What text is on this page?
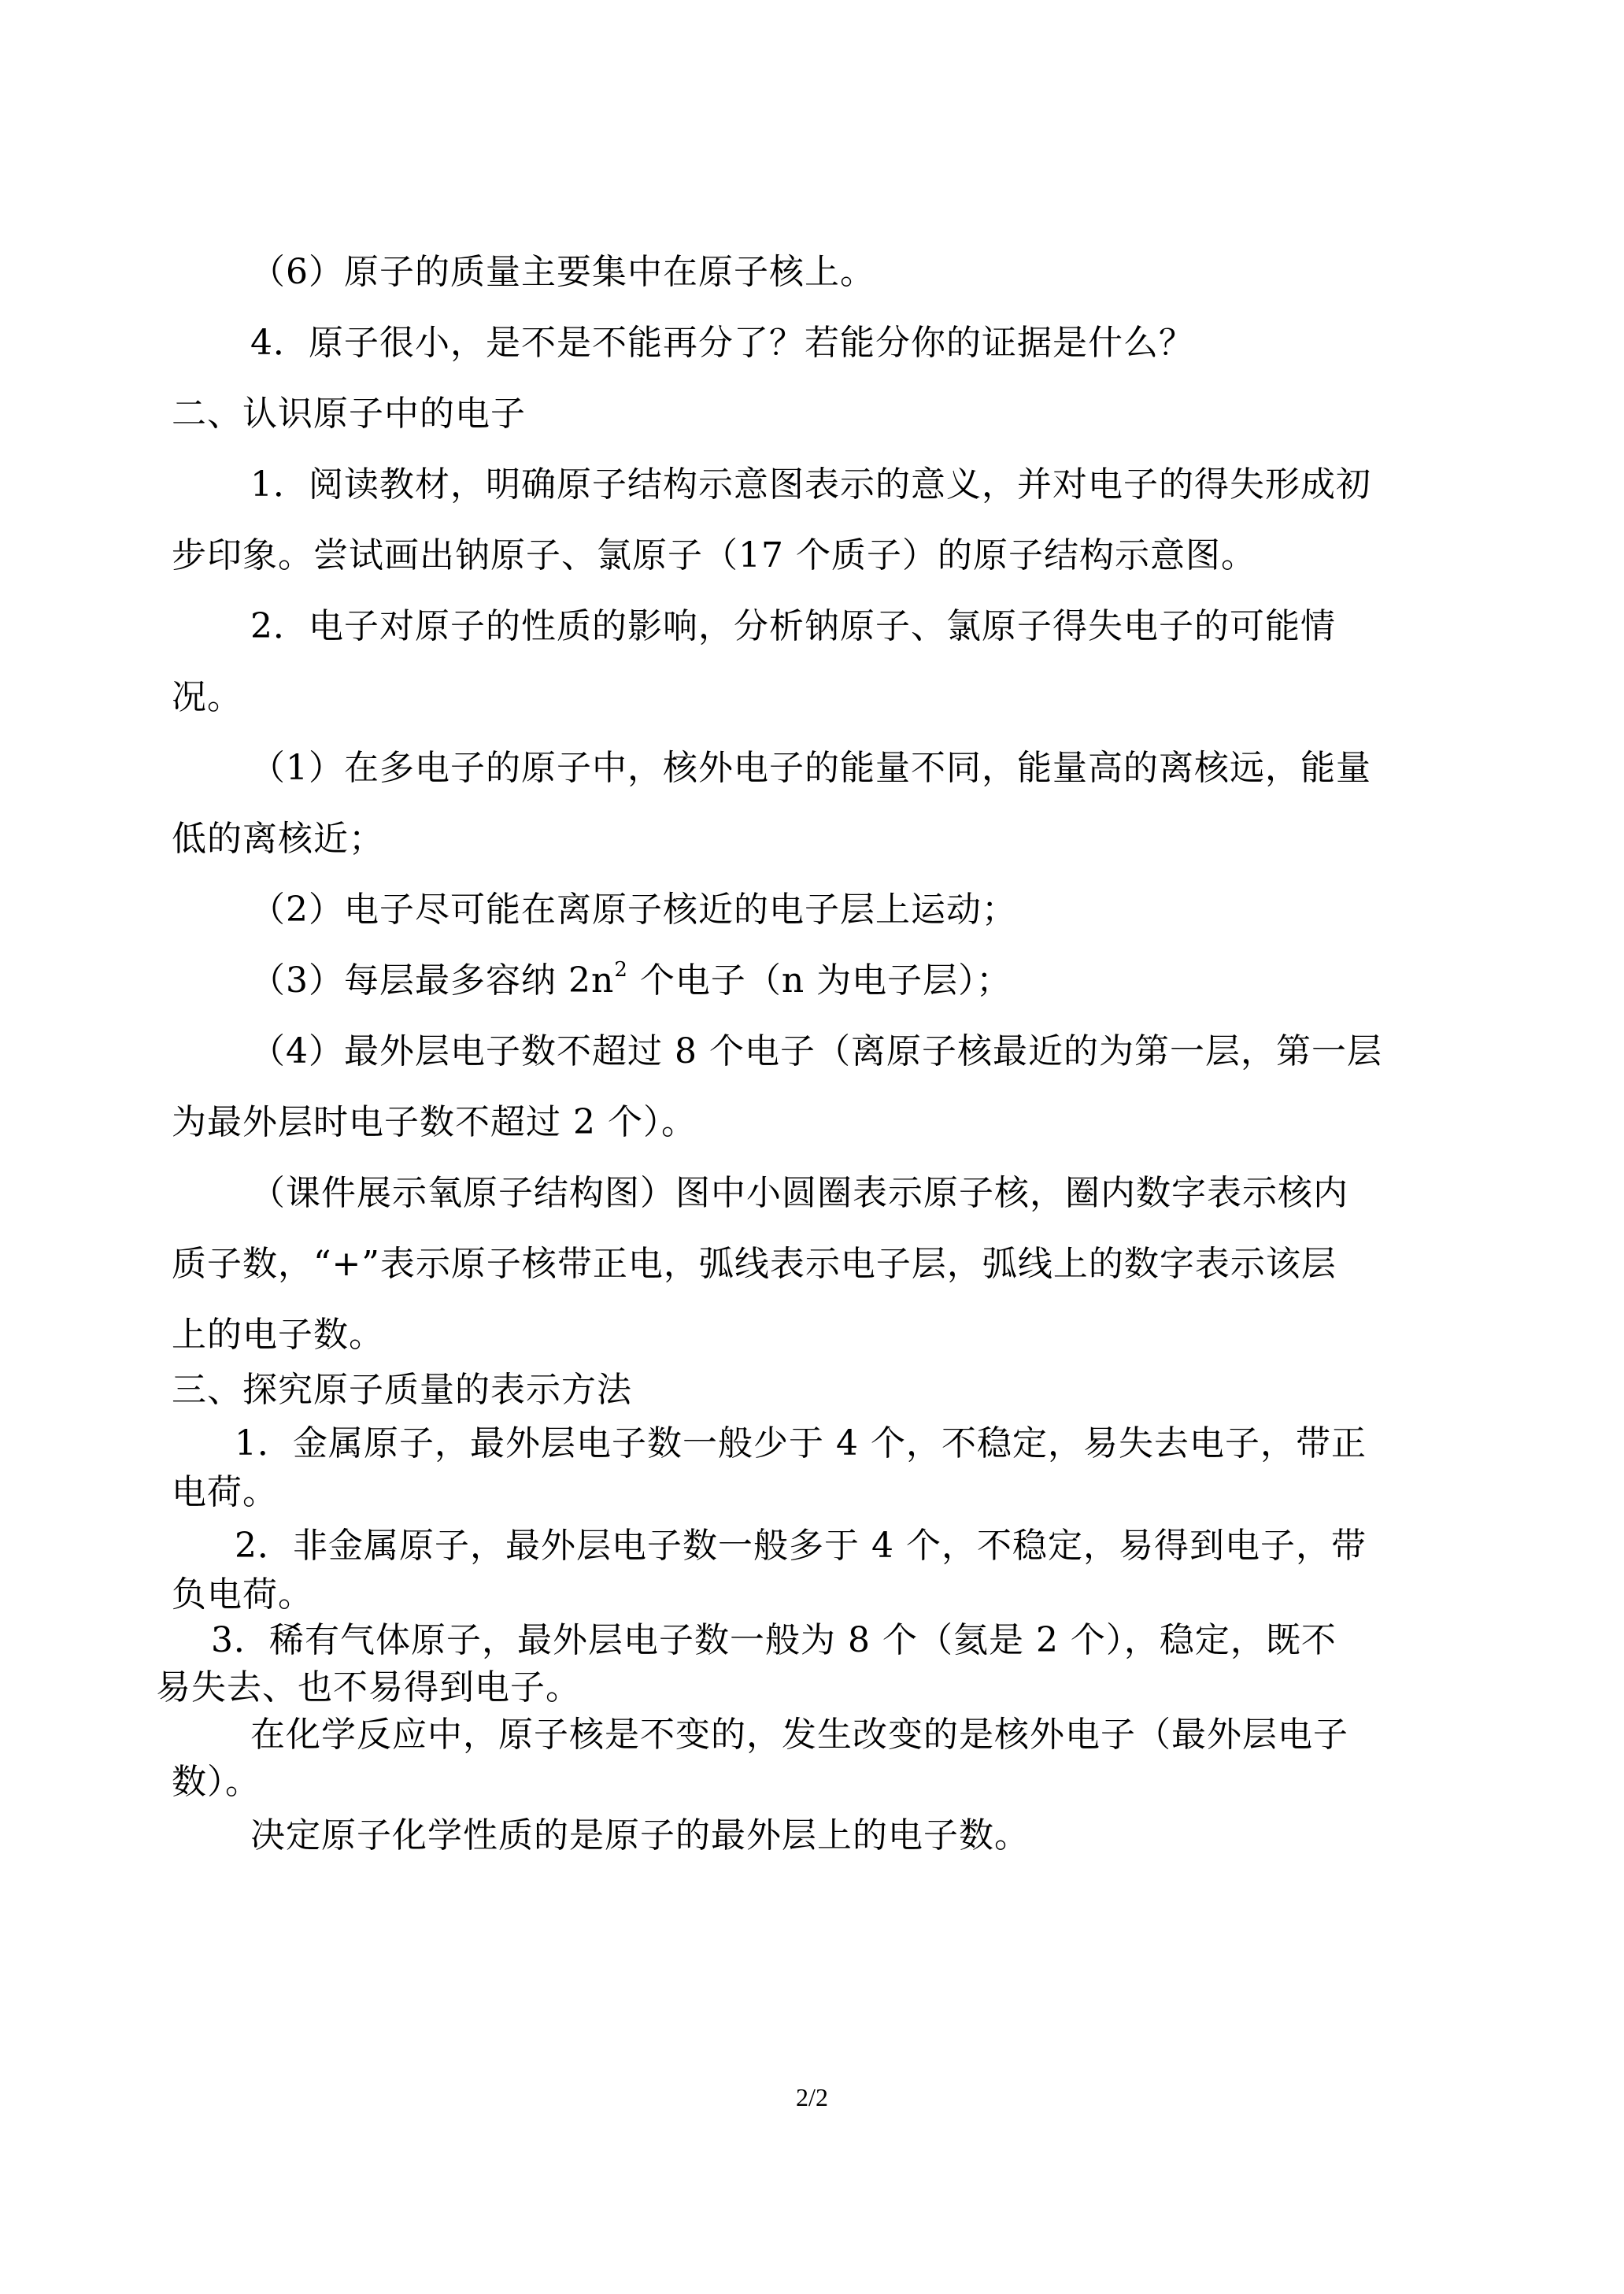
（6）原子的质量主要集中在原子核上。
4．原子很小，是不是不能再分了？若能分你的证据是什么？
二、认识原子中的电子
1．阅读教材，明确原子结构示意图表示的意义，并对电子的得失形成初
步印象。尝试画出钠原子、氯原子（17 个质子）的原子结构示意图。
2．电子对原子的性质的影响，分析钠原子、氯原子得失电子的可能情
况。
（1）在多电子的原子中，核外电子的能量不同，能量高的离核远，能量
低的离核近；
（2）电子尽可能在离原子核近的电子层上运动；
（3）每层最多容纳 $2n^2$ 个电子（n 为电子层）；
（4）最外层电子数不超过 8 个电子（离原子核最近的为第一层，第一层
为最外层时电子数不超过 2 个）。
（课件展示氧原子结构图）图中小圆圈表示原子核，圈内数字表示核内
质子数，“+”表示原子核带正电，弧线表示电子层，弧线上的数字表示该层
上的电子数。
三、探究原子质量的表示方法
1．金属原子，最外层电子数一般少于 4 个，不稳定，易失去电子，带正
电荷。
2．非金属原子，最外层电子数一般多于 4 个，不稳定，易得到电子，带
负电荷。
3．稀有气体原子，最外层电子数一般为 8 个（氦是 2 个），稳定，既不
易失去、也不易得到电子。
在化学反应中，原子核是不变的，发生改变的是核外电子（最外层电子
数）。
决定原子化学性质的是原子的最外层上的电子数。
2/2
